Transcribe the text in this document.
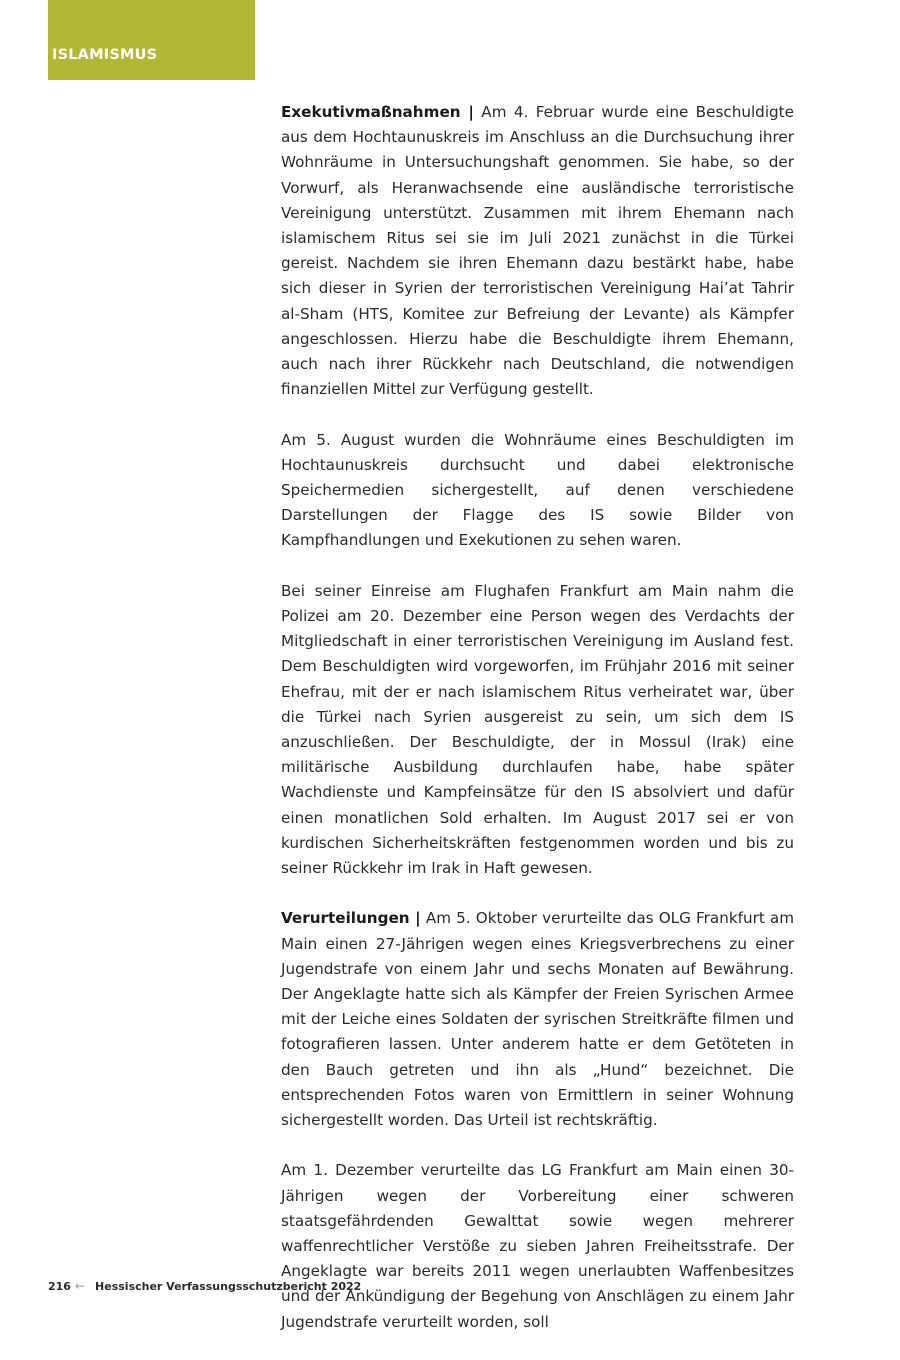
ISLAMISMUS

Exekutivmaßnahmen | Am 4. Februar wurde eine Beschuldigte aus dem Hochtaunuskreis im Anschluss an die Durchsuchung ihrer Wohnräume in Untersuchungshaft genommen. Sie habe, so der Vorwurf, als Heranwachsende eine ausländische terroristische Vereinigung unterstützt. Zusammen mit ihrem Ehemann nach islamischem Ritus sei sie im Juli 2021 zunächst in die Türkei gereist. Nachdem sie ihren Ehemann dazu bestärkt habe, habe sich dieser in Syrien der terroristischen Vereinigung Hai’at Tahrir al-Sham (HTS, Komitee zur Befreiung der Levante) als Kämpfer angeschlossen. Hierzu habe die Beschuldigte ihrem Ehemann, auch nach ihrer Rückkehr nach Deutschland, die notwendigen finanziellen Mittel zur Verfügung gestellt.

Am 5. August wurden die Wohnräume eines Beschuldigten im Hochtaunuskreis durchsucht und dabei elektronische Speichermedien sichergestellt, auf denen verschiedene Darstellungen der Flagge des IS sowie Bilder von Kampfhandlungen und Exekutionen zu sehen waren.

Bei seiner Einreise am Flughafen Frankfurt am Main nahm die Polizei am 20. Dezember eine Person wegen des Verdachts der Mitgliedschaft in einer terroristischen Vereinigung im Ausland fest. Dem Beschuldigten wird vorgeworfen, im Frühjahr 2016 mit seiner Ehefrau, mit der er nach islamischem Ritus verheiratet war, über die Türkei nach Syrien ausgereist zu sein, um sich dem IS anzuschließen. Der Beschuldigte, der in Mossul (Irak) eine militärische Ausbildung durchlaufen habe, habe später Wachdienste und Kampfeinsätze für den IS absolviert und dafür einen monatlichen Sold erhalten. Im August 2017 sei er von kurdischen Sicherheitskräften festgenommen worden und bis zu seiner Rückkehr im Irak in Haft gewesen.

Verurteilungen | Am 5. Oktober verurteilte das OLG Frankfurt am Main einen 27-Jährigen wegen eines Kriegsverbrechens zu einer Jugendstrafe von einem Jahr und sechs Monaten auf Bewährung. Der Angeklagte hatte sich als Kämpfer der Freien Syrischen Armee mit der Leiche eines Soldaten der syrischen Streitkräfte filmen und fotografieren lassen. Unter anderem hatte er dem Getöteten in den Bauch getreten und ihn als „Hund“ bezeichnet. Die entsprechenden Fotos waren von Ermittlern in seiner Wohnung sichergestellt worden. Das Urteil ist rechtskräftig.

Am 1. Dezember verurteilte das LG Frankfurt am Main einen 30-Jährigen wegen der Vorbereitung einer schweren staatsgefährdenden Gewalttat sowie wegen mehrerer waffenrechtlicher Verstöße zu sieben Jahren Freiheitsstrafe. Der Angeklagte war bereits 2011 wegen unerlaubten Waffenbesitzes und der Ankündigung der Begehung von Anschlägen zu einem Jahr Jugendstrafe verurteilt worden, soll

216 ← Hessischer Verfassungsschutzbericht 2022
